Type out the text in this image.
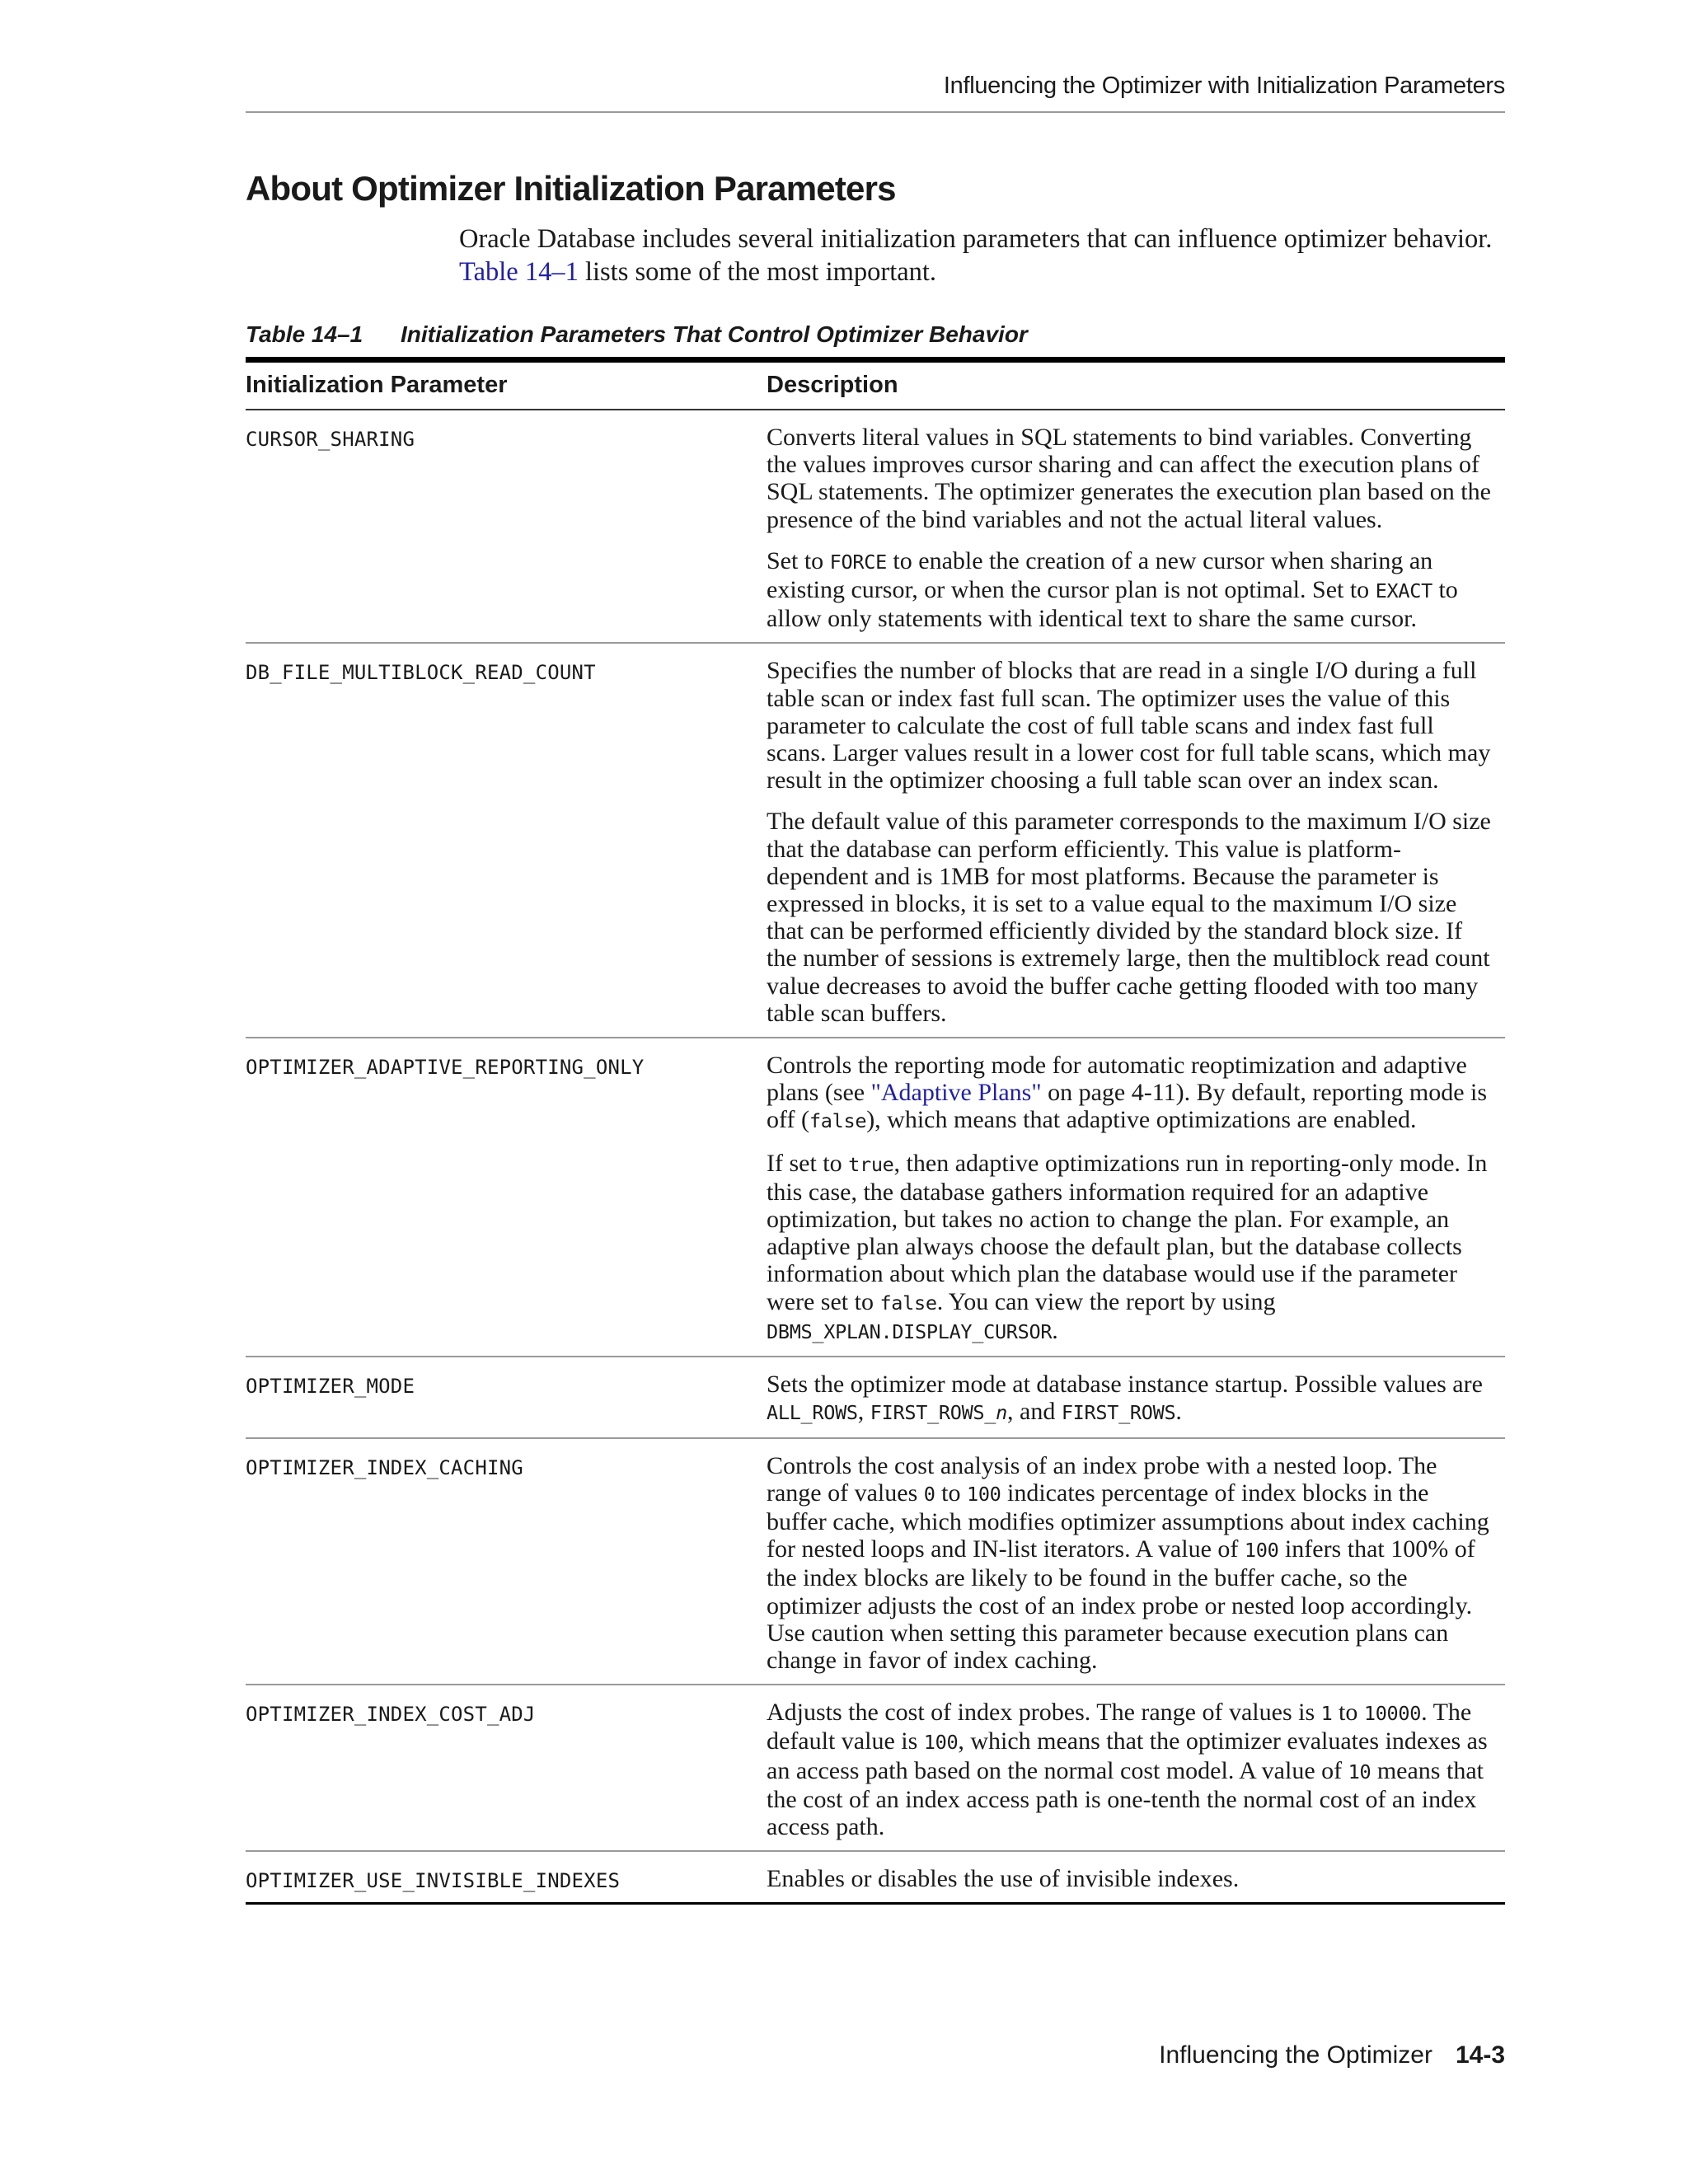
Influencing the Optimizer with Initialization Parameters
About Optimizer Initialization Parameters

Oracle Database includes several initialization parameters that can influence optimizer behavior. Table 14–1 lists some of the most important.

Table 14–1 Initialization Parameters That Control Optimizer Behavior

Initialization Parameter	Description
CURSOR_SHARING	Converts literal values in SQL statements to bind variables. Converting the values improves cursor sharing and can affect the execution plans of SQL statements. The optimizer generates the execution plan based on the presence of the bind variables and not the actual literal values.

Set to FORCE to enable the creation of a new cursor when sharing an existing cursor, or when the cursor plan is not optimal. Set to EXACT to allow only statements with identical text to share the same cursor.

DB_FILE_MULTIBLOCK_READ_COUNT	Specifies the number of blocks that are read in a single I/O during a full table scan or index fast full scan. The optimizer uses the value of this parameter to calculate the cost of full table scans and index fast full scans. Larger values result in a lower cost for full table scans, which may result in the optimizer choosing a full table scan over an index scan.

The default value of this parameter corresponds to the maximum I/O size that the database can perform efficiently. This value is platform-dependent and is 1MB for most platforms. Because the parameter is expressed in blocks, it is set to a value equal to the maximum I/O size that can be performed efficiently divided by the standard block size. If the number of sessions is extremely large, then the multiblock read count value decreases to avoid the buffer cache getting flooded with too many table scan buffers.

OPTIMIZER_ADAPTIVE_REPORTING_ONLY	Controls the reporting mode for automatic reoptimization and adaptive plans (see "Adaptive Plans" on page 4-11). By default, reporting mode is off (false), which means that adaptive optimizations are enabled.

If set to true, then adaptive optimizations run in reporting-only mode. In this case, the database gathers information required for an adaptive optimization, but takes no action to change the plan. For example, an adaptive plan always choose the default plan, but the database collects information about which plan the database would use if the parameter were set to false. You can view the report by using DBMS_XPLAN.DISPLAY_CURSOR.

OPTIMIZER_MODE	Sets the optimizer mode at database instance startup. Possible values are ALL_ROWS, FIRST_ROWS_n, and FIRST_ROWS.

OPTIMIZER_INDEX_CACHING	Controls the cost analysis of an index probe with a nested loop. The range of values 0 to 100 indicates percentage of index blocks in the buffer cache, which modifies optimizer assumptions about index caching for nested loops and IN-list iterators. A value of 100 infers that 100% of the index blocks are likely to be found in the buffer cache, so the optimizer adjusts the cost of an index probe or nested loop accordingly. Use caution when setting this parameter because execution plans can change in favor of index caching.

OPTIMIZER_INDEX_COST_ADJ	Adjusts the cost of index probes. The range of values is 1 to 10000. The default value is 100, which means that the optimizer evaluates indexes as an access path based on the normal cost model. A value of 10 means that the cost of an index access path is one-tenth the normal cost of an index access path.

OPTIMIZER_USE_INVISIBLE_INDEXES	Enables or disables the use of invisible indexes.

Influencing the Optimizer 14-3
